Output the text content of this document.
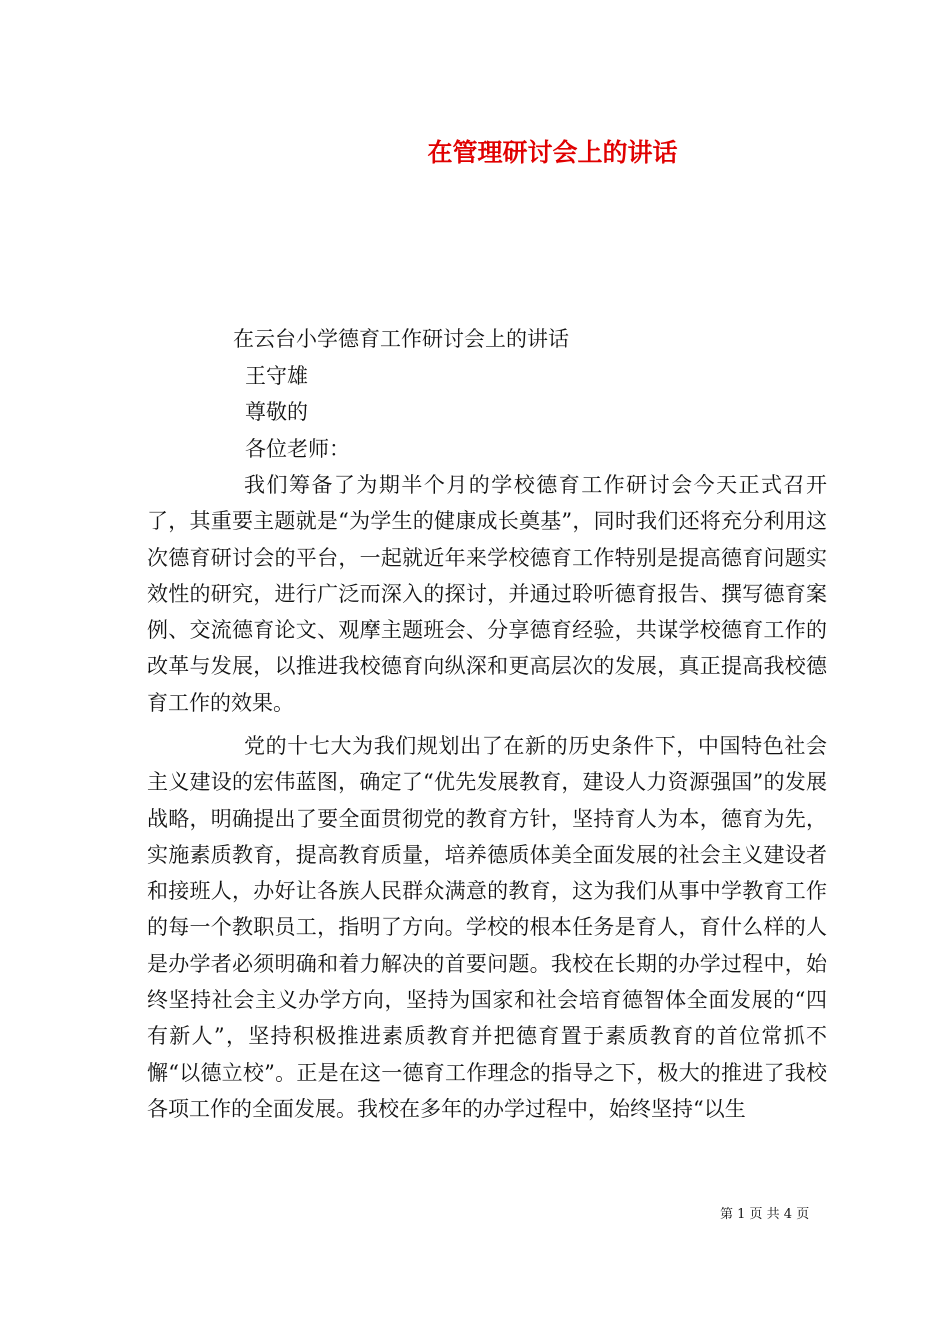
在管理研讨会上的讲话
在云台小学德育工作研讨会上的讲话
王守雄
尊敬的
各位老师：

我们筹备了为期半个月的学校德育工作研讨会今天正式召开了，其重要主题就是“为学生的健康成长奠基”，同时我们还将充分利用这次德育研讨会的平台，一起就近年来学校德育工作特别是提高德育问题实效性的研究，进行广泛而深入的探讨，并通过聆听德育报告、撰写德育案例、交流德育论文、观摩主题班会、分享德育经验，共谋学校德育工作的改革与发展，以推进我校德育向纵深和更高层次的发展，真正提高我校德育工作的效果。

党的十七大为我们规划出了在新的历史条件下，中国特色社会主义建设的宏伟蓝图，确定了“优先发展教育，建设人力资源强国”的发展战略，明确提出了要全面贯彻党的教育方针，坚持育人为本，德育为先，实施素质教育，提高教育质量，培养德质体美全面发展的社会主义建设者和接班人，办好让各族人民群众满意的教育，这为我们从事中学教育工作的每一个教职员工，指明了方向。学校的根本任务是育人，育什么样的人是办学者必须明确和着力解决的首要问题。我校在长期的办学过程中，始终坚持社会主义办学方向，坚持为国家和社会培育德智体全面发展的“四有新人”，坚持积极推进素质教育并把德育置于素质教育的首位常抓不懈“以德立校”。正是在这一德育工作理念的指导之下，极大的推进了我校各项工作的全面发展。我校在多年的办学过程中，始终坚持“以生

第 1 页 共 4 页
